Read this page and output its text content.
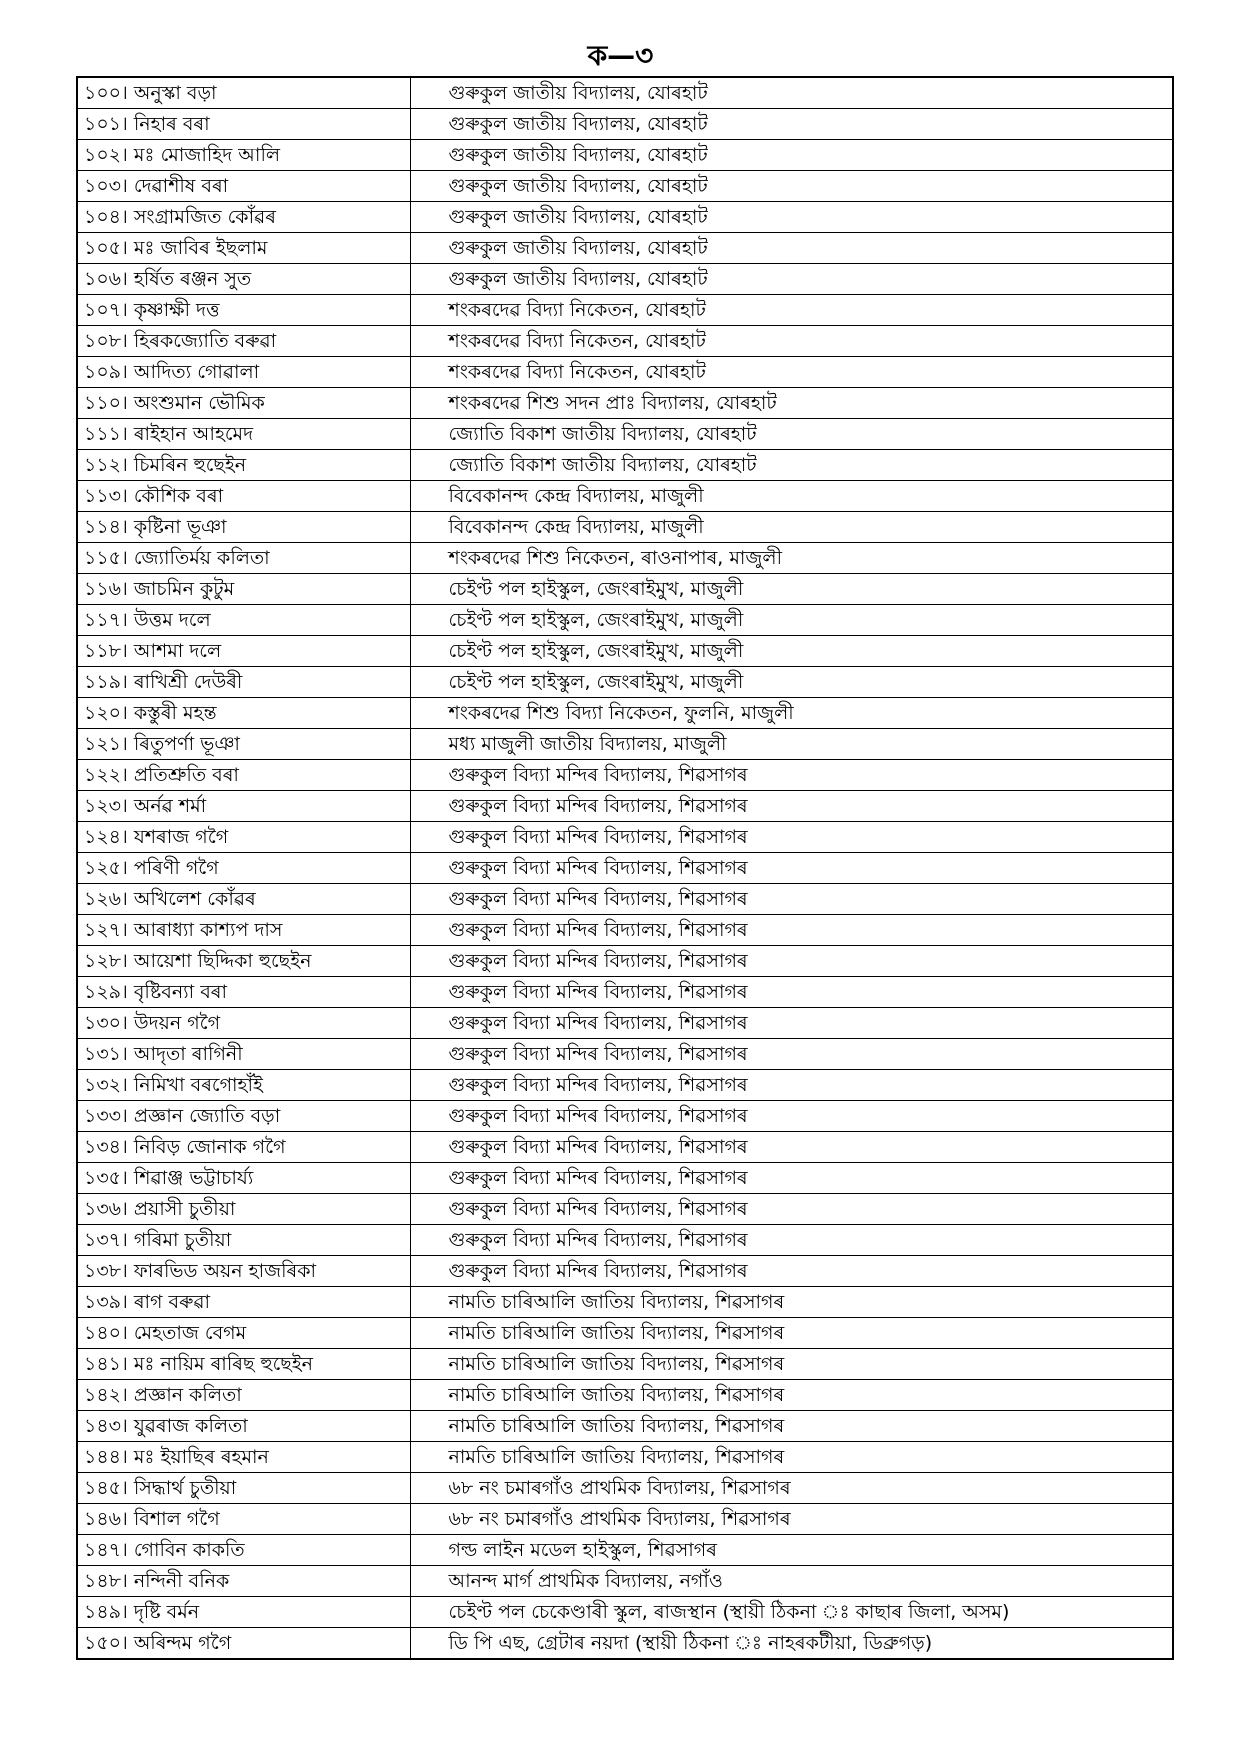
ক—৩
১০০। অনুস্কা বড়া	গুৰুকুল জাতীয় বিদ্যালয়, যোৰহাট
১০১। নিহাৰ বৰা	গুৰুকুল জাতীয় বিদ্যালয়, যোৰহাট
১০২। মঃ মোজাহিদ আলি	গুৰুকুল জাতীয় বিদ্যালয়, যোৰহাট
১০৩। দেৱাশীষ বৰা	গুৰুকুল জাতীয় বিদ্যালয়, যোৰহাট
১০৪। সংগ্ৰামজিত কোঁৱৰ	গুৰুকুল জাতীয় বিদ্যালয়, যোৰহাট
১০৫। মঃ জাবিৰ ইছলাম	গুৰুকুল জাতীয় বিদ্যালয়, যোৰহাট
১০৬। হৰ্ষিত ৰঞ্জন সুত	গুৰুকুল জাতীয় বিদ্যালয়, যোৰহাট
১০৭। কৃষ্ণাক্ষী দত্ত	শংকৰদেৱ বিদ্যা নিকেতন, যোৰহাট
১০৮। হিৰকজ্যোতি বৰুৱা	শংকৰদেৱ বিদ্যা নিকেতন, যোৰহাট
১০৯। আদিত্য গোৱালা	শংকৰদেৱ বিদ্যা নিকেতন, যোৰহাট
১১০। অংশুমান ভৌমিক	শংকৰদেৱ শিশু সদন প্ৰাঃ বিদ্যালয়, যোৰহাট
১১১। ৰাইহান আহমেদ	জ্যোতি বিকাশ জাতীয় বিদ্যালয়, যোৰহাট
১১২। চিমৰিন হুছেইন	জ্যোতি বিকাশ জাতীয় বিদ্যালয়, যোৰহাট
১১৩। কৌশিক বৰা	বিবেকানন্দ কেন্দ্ৰ বিদ্যালয়, মাজুলী
১১৪। কৃষ্টিনা ভূঞা	বিবেকানন্দ কেন্দ্ৰ বিদ্যালয়, মাজুলী
১১৫। জ্যোতিৰ্ময় কলিতা	শংকৰদেৱ শিশু নিকেতন, ৰাওনাপাৰ, মাজুলী
১১৬। জাচমিন কুটুম	চেইণ্ট পল হাইস্কুল, জেংৰাইমুখ, মাজুলী
১১৭। উত্তম দলে	চেইণ্ট পল হাইস্কুল, জেংৰাইমুখ, মাজুলী
১১৮। আশমা দলে	চেইণ্ট পল হাইস্কুল, জেংৰাইমুখ, মাজুলী
১১৯। ৰাখিশ্ৰী দেউৰী	চেইণ্ট পল হাইস্কুল, জেংৰাইমুখ, মাজুলী
১২০। কস্তুৰী মহন্ত	শংকৰদেৱ শিশু বিদ্যা নিকেতন, ফুলনি, মাজুলী
১২১। ৰিতুপৰ্ণা ভূঞা	মধ্য মাজুলী জাতীয় বিদ্যালয়, মাজুলী
১২২। প্ৰতিশ্ৰুতি বৰা	গুৰুকুল বিদ্যা মন্দিৰ বিদ্যালয়, শিৱসাগৰ
১২৩। অৰ্নৱ শৰ্মা	গুৰুকুল বিদ্যা মন্দিৰ বিদ্যালয়, শিৱসাগৰ
১২৪। যশৰাজ গগৈ	গুৰুকুল বিদ্যা মন্দিৰ বিদ্যালয়, শিৱসাগৰ
১২৫। পৰিণী গগৈ	গুৰুকুল বিদ্যা মন্দিৰ বিদ্যালয়, শিৱসাগৰ
১২৬। অখিলেশ কোঁৱৰ	গুৰুকুল বিদ্যা মন্দিৰ বিদ্যালয়, শিৱসাগৰ
১২৭। আৰাধ্যা কাশ্যপ দাস	গুৰুকুল বিদ্যা মন্দিৰ বিদ্যালয়, শিৱসাগৰ
১২৮। আয়েশা ছিদ্দিকা হুছেইন	গুৰুকুল বিদ্যা মন্দিৰ বিদ্যালয়, শিৱসাগৰ
১২৯। বৃষ্টিবন্যা বৰা	গুৰুকুল বিদ্যা মন্দিৰ বিদ্যালয়, শিৱসাগৰ
১৩০। উদয়ন গগৈ	গুৰুকুল বিদ্যা মন্দিৰ বিদ্যালয়, শিৱসাগৰ
১৩১। আদৃতা ৰাগিনী	গুৰুকুল বিদ্যা মন্দিৰ বিদ্যালয়, শিৱসাগৰ
১৩২। নিমিখা বৰগোহাঁই	গুৰুকুল বিদ্যা মন্দিৰ বিদ্যালয়, শিৱসাগৰ
১৩৩। প্ৰজ্ঞান জ্যোতি বড়া	গুৰুকুল বিদ্যা মন্দিৰ বিদ্যালয়, শিৱসাগৰ
১৩৪। নিবিড় জোনাক গগৈ	গুৰুকুল বিদ্যা মন্দিৰ বিদ্যালয়, শিৱসাগৰ
১৩৫। শিৱাঞ্জ ভট্টাচাৰ্য্য	গুৰুকুল বিদ্যা মন্দিৰ বিদ্যালয়, শিৱসাগৰ
১৩৬। প্ৰয়াসী চুতীয়া	গুৰুকুল বিদ্যা মন্দিৰ বিদ্যালয়, শিৱসাগৰ
১৩৭। গৰিমা চুতীয়া	গুৰুকুল বিদ্যা মন্দিৰ বিদ্যালয়, শিৱসাগৰ
১৩৮। ফাৰভিড অয়ন হাজৰিকা	গুৰুকুল বিদ্যা মন্দিৰ বিদ্যালয়, শিৱসাগৰ
১৩৯। ৰাগ বৰুৱা	নামতি চাৰিআলি জাতিয় বিদ্যালয়, শিৱসাগৰ
১৪০। মেহতাজ বেগম	নামতি চাৰিআলি জাতিয় বিদ্যালয়, শিৱসাগৰ
১৪১। মঃ নায়িম ৰাৰিছ হুছেইন	নামতি চাৰিআলি জাতিয় বিদ্যালয়, শিৱসাগৰ
১৪২। প্ৰজ্ঞান কলিতা	নামতি চাৰিআলি জাতিয় বিদ্যালয়, শিৱসাগৰ
১৪৩। যুৱৰাজ কলিতা	নামতি চাৰিআলি জাতিয় বিদ্যালয়, শিৱসাগৰ
১৪৪। মঃ ইয়াছিৰ ৰহমান	নামতি চাৰিআলি জাতিয় বিদ্যালয়, শিৱসাগৰ
১৪৫। সিদ্ধাৰ্থ চুতীয়া	৬৮ নং চমাৰগাঁও প্ৰাথমিক বিদ্যালয়, শিৱসাগৰ
১৪৬। বিশাল গগৈ	৬৮ নং চমাৰগাঁও প্ৰাথমিক বিদ্যালয়, শিৱসাগৰ
১৪৭। গোবিন কাকতি	গল্ড লাইন মডেল হাইস্কুল, শিৱসাগৰ
১৪৮। নন্দিনী বনিক	আনন্দ মাৰ্গ প্ৰাথমিক বিদ্যালয়, নগাঁও
১৪৯। দৃষ্টি বৰ্মন	চেইণ্ট পল চেকেণ্ডাৰী স্কুল, ৰাজস্থান (স্থায়ী ঠিকনা ঃ কাছাৰ জিলা, অসম)
১৫০। অৰিন্দম গগৈ	ডি পি এছ, গ্ৰেটাৰ নয়দা (স্থায়ী ঠিকনা ঃ নাহৰকটীয়া, ডিব্ৰুগড়)
